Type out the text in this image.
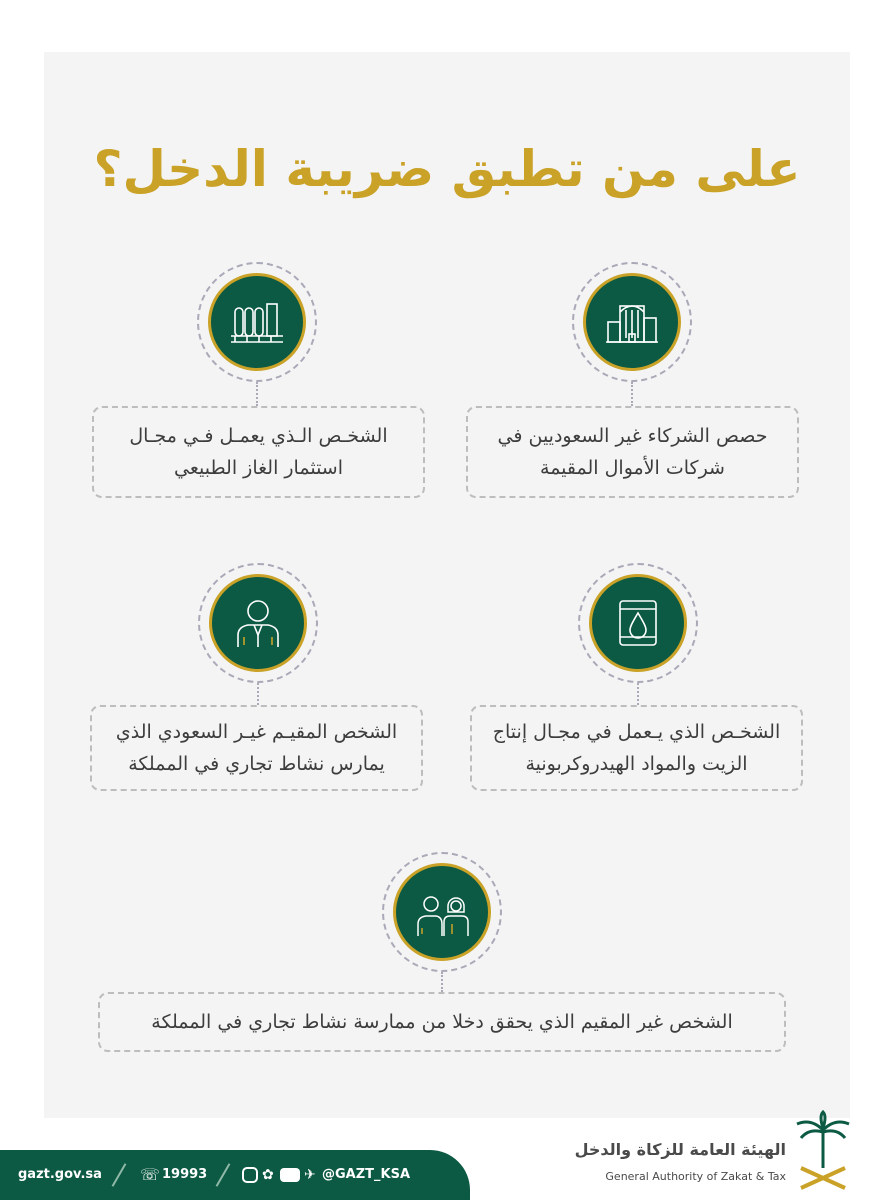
على من تطبق ضريبة الدخل؟
حصص الشركاء غير السعوديين في
شركات الأموال المقيمة
الشخـص الـذي يعمـل فـي مجـال
استثمار الغاز الطبيعي
الشخـص الذي يـعمل في مجـال إنتاج
الزيت والمواد الهيدروكربونية
الشخص المقيـم غيـر السعودي الذي
يمارس نشاط تجاري في المملكة
الشخص غير المقيم الذي يحقق دخلا من ممارسة نشاط تجاري في المملكة
gazt.gov.sa ☏ 19993	✿ ✈ @GAZT_KSA
الهيئة العامة للزكاة والدخل
General Authority of Zakat & Tax
